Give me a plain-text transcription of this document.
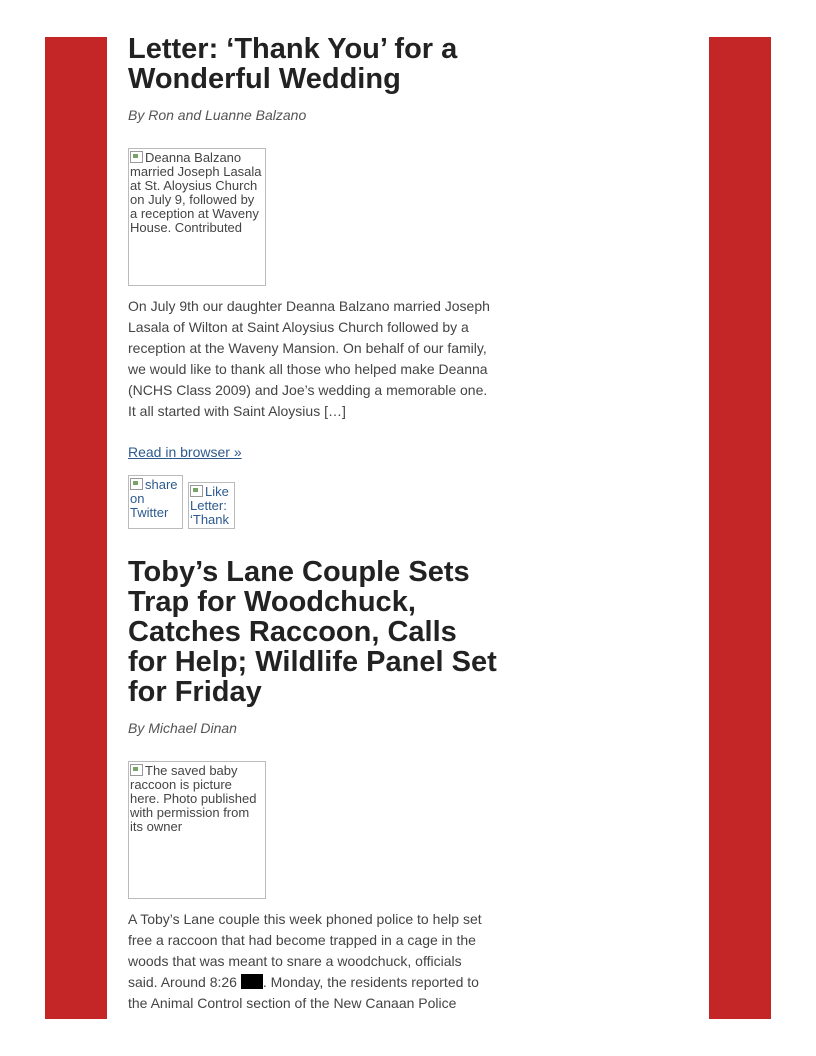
Letter: ‘Thank You’ for a Wonderful Wedding

By Ron and Luanne Balzano

Deanna Balzano married Joseph Lasala at St. Aloysius Church on July 9, followed by a reception at Waveny House. Contributed

On July 9th our daughter Deanna Balzano married Joseph Lasala of Wilton at Saint Aloysius Church followed by a reception at the Waveny Mansion. On behalf of our family, we would like to thank all those who helped make Deanna (NCHS Class 2009) and Joe’s wedding a memorable one. It all started with Saint Aloysius […]

Read in browser »
share on Twitter
Like Letter: ‘Thank
Toby’s Lane Couple Sets Trap for Woodchuck, Catches Raccoon, Calls for Help; Wildlife Panel Set for Friday

By Michael Dinan

The saved baby raccoon is picture here. Photo published with permission from its owner

A Toby’s Lane couple this week phoned police to help set free a raccoon that had become trapped in a cage in the woods that was meant to snare a woodchuck, officials said. Around 8:26 . Monday, the residents reported to the Animal Control section of the New Canaan Police
